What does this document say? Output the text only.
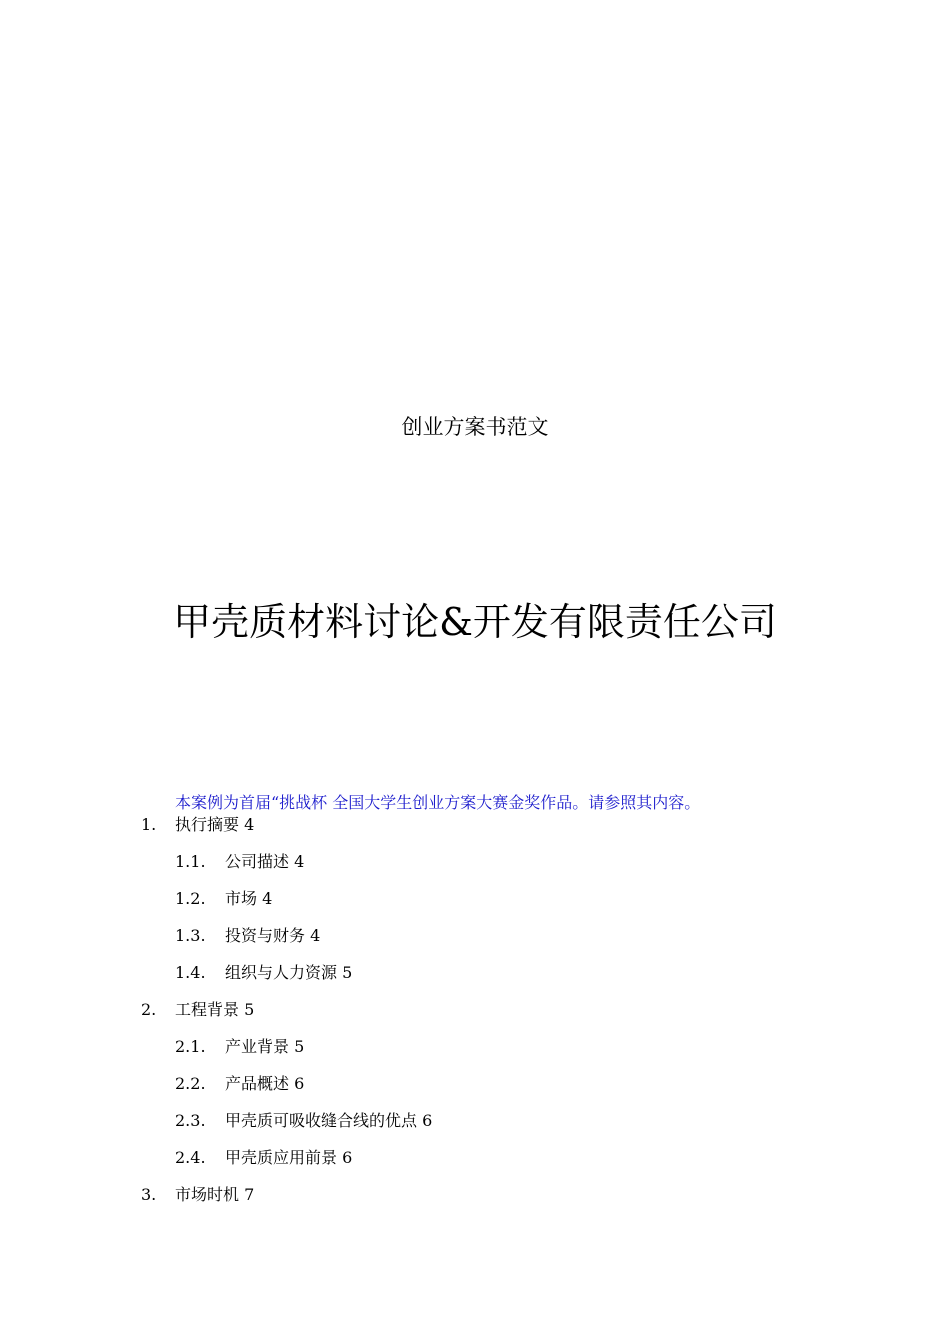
创业方案书范文
甲壳质材料讨论&开发有限责任公司
本案例为首届“挑战杯 全国大学生创业方案大赛金奖作品。请参照其内容。
1. 执行摘要 4
1.1. 公司描述 4
1.2. 市场 4
1.3. 投资与财务 4
1.4. 组织与人力资源 5
2. 工程背景 5
2.1. 产业背景 5
2.2. 产品概述 6
2.3. 甲壳质可吸收缝合线的优点 6
2.4. 甲壳质应用前景 6
3. 市场时机 7
